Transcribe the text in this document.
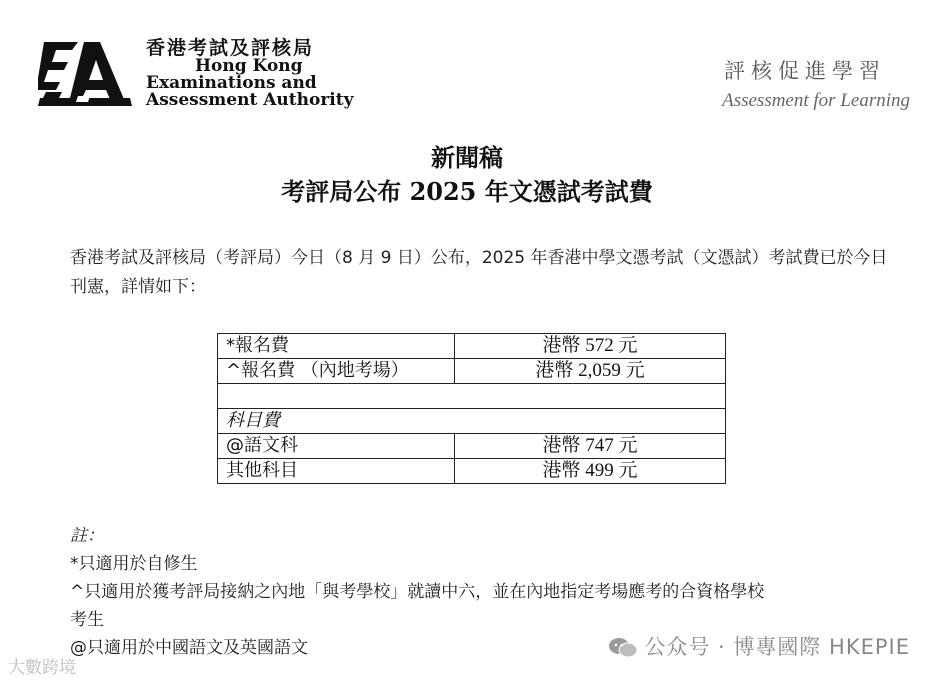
香港考試及評核局
Hong Kong
Examinations and
Assessment Authority
評核促進學習
Assessment for Learning
新聞稿
考評局公布 2025 年文憑試考試費
香港考試及評核局（考評局）今日（8 月 9 日）公布，2025 年香港中學文憑考試（文憑試）考試費已於今日刊憲，詳情如下：
*報名費	港幣 572 元
^報名費 （內地考場）	港幣 2,059 元

科目費	
@語文科	港幣 747 元
其他科目	港幣 499 元
註：
*只適用於自修生
^只適用於獲考評局接納之內地「與考學校」就讀中六，並在內地指定考場應考的合資格學校
考生
@只適用於中國語文及英國語文	公众号 · 博專國際 HKEPIE
大數跨境
